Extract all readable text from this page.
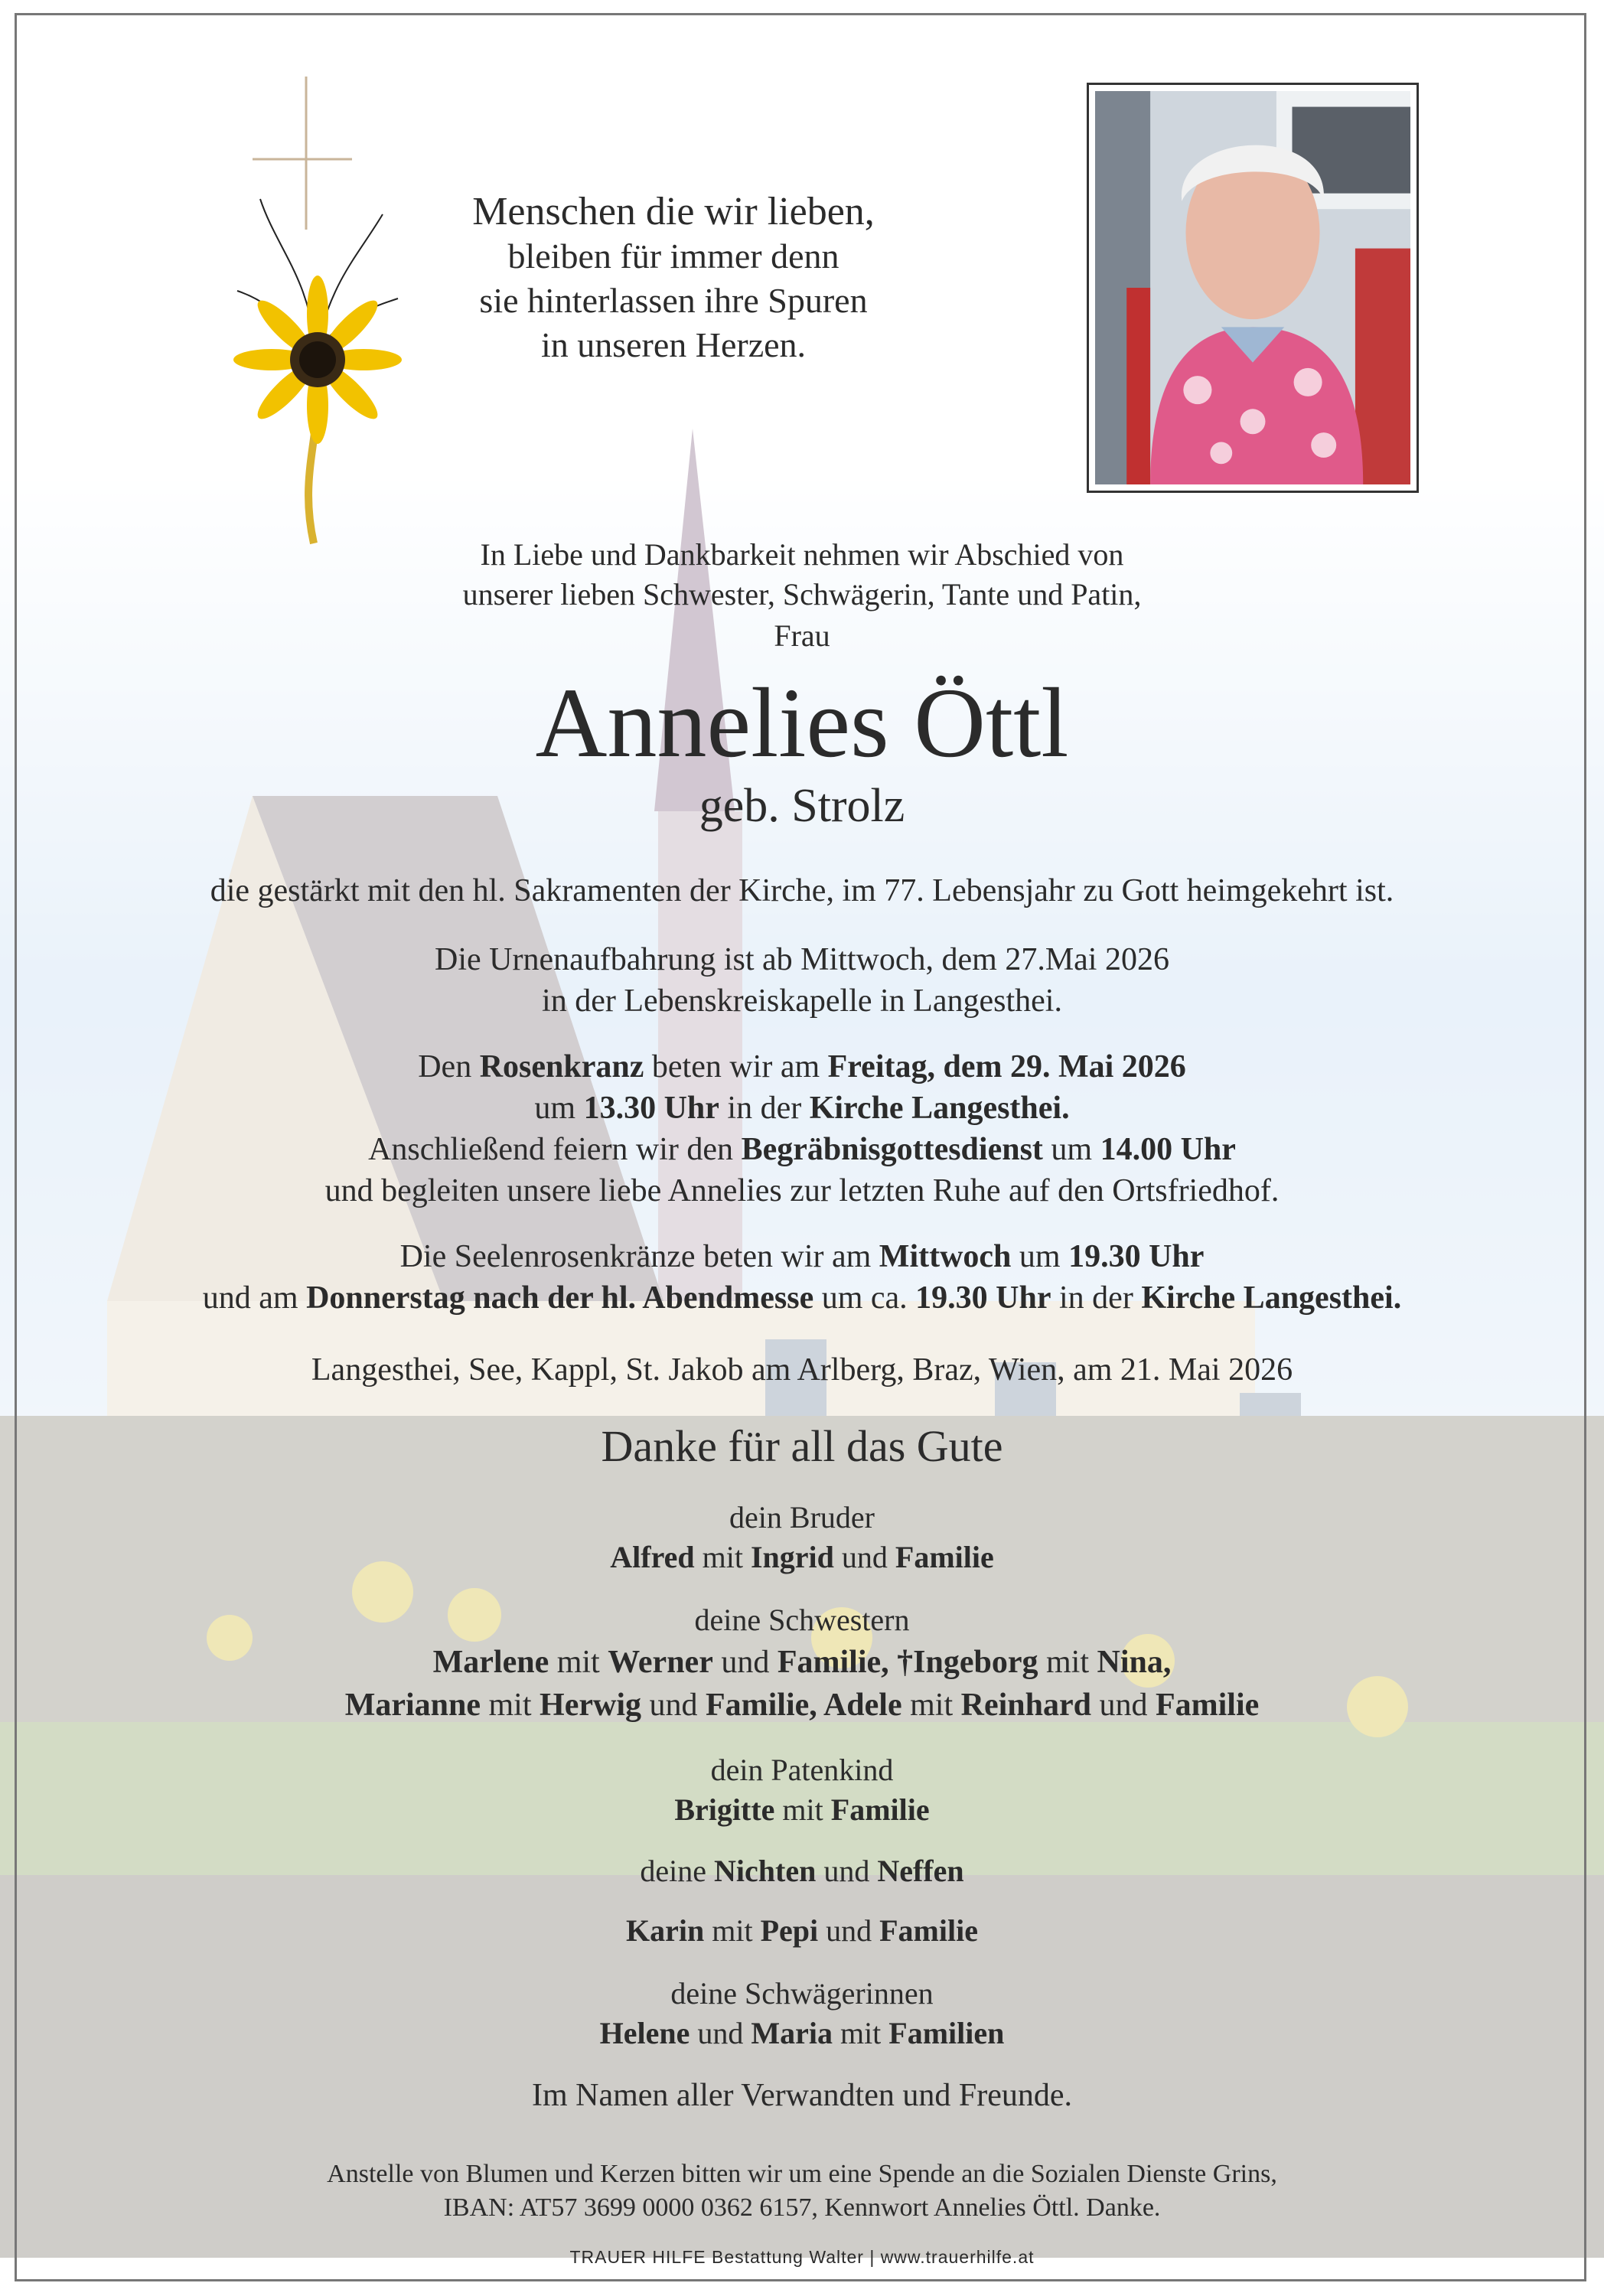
Menschen die wir lieben,
bleiben für immer denn
sie hinterlassen ihre Spuren
in unseren Herzen.
In Liebe und Dankbarkeit nehmen wir Abschied von
unserer lieben Schwester, Schwägerin, Tante und Patin,
Frau
Annelies Öttl
geb. Strolz
die gestärkt mit den hl. Sakramenten der Kirche, im 77. Lebensjahr zu Gott heimgekehrt ist.
Die Urnenaufbahrung ist ab Mittwoch, dem 27.Mai 2026
in der Lebenskreiskapelle in Langesthei.
Den Rosenkranz beten wir am Freitag, dem 29. Mai 2026
um 13.30 Uhr in der Kirche Langesthei.
Anschließend feiern wir den Begräbnisgottesdienst um 14.00 Uhr
und begleiten unsere liebe Annelies zur letzten Ruhe auf den Ortsfriedhof.
Die Seelenrosenkränze beten wir am Mittwoch um 19.30 Uhr
und am Donnerstag nach der hl. Abendmesse um ca. 19.30 Uhr in der Kirche Langesthei.
Langesthei, See, Kappl, St. Jakob am Arlberg, Braz, Wien, am 21. Mai 2026
Danke für all das Gute
dein Bruder
Alfred mit Ingrid und Familie
deine Schwestern
Marlene mit Werner und Familie, †Ingeborg mit Nina,
Marianne mit Herwig und Familie, Adele mit Reinhard und Familie
dein Patenkind
Brigitte mit Familie
deine Nichten und Neffen
Karin mit Pepi und Familie
deine Schwägerinnen
Helene und Maria mit Familien
Im Namen aller Verwandten und Freunde.
Anstelle von Blumen und Kerzen bitten wir um eine Spende an die Sozialen Dienste Grins,
IBAN: AT57 3699 0000 0362 6157, Kennwort Annelies Öttl. Danke.
TRAUER HILFE Bestattung Walter | www.trauerhilfe.at
